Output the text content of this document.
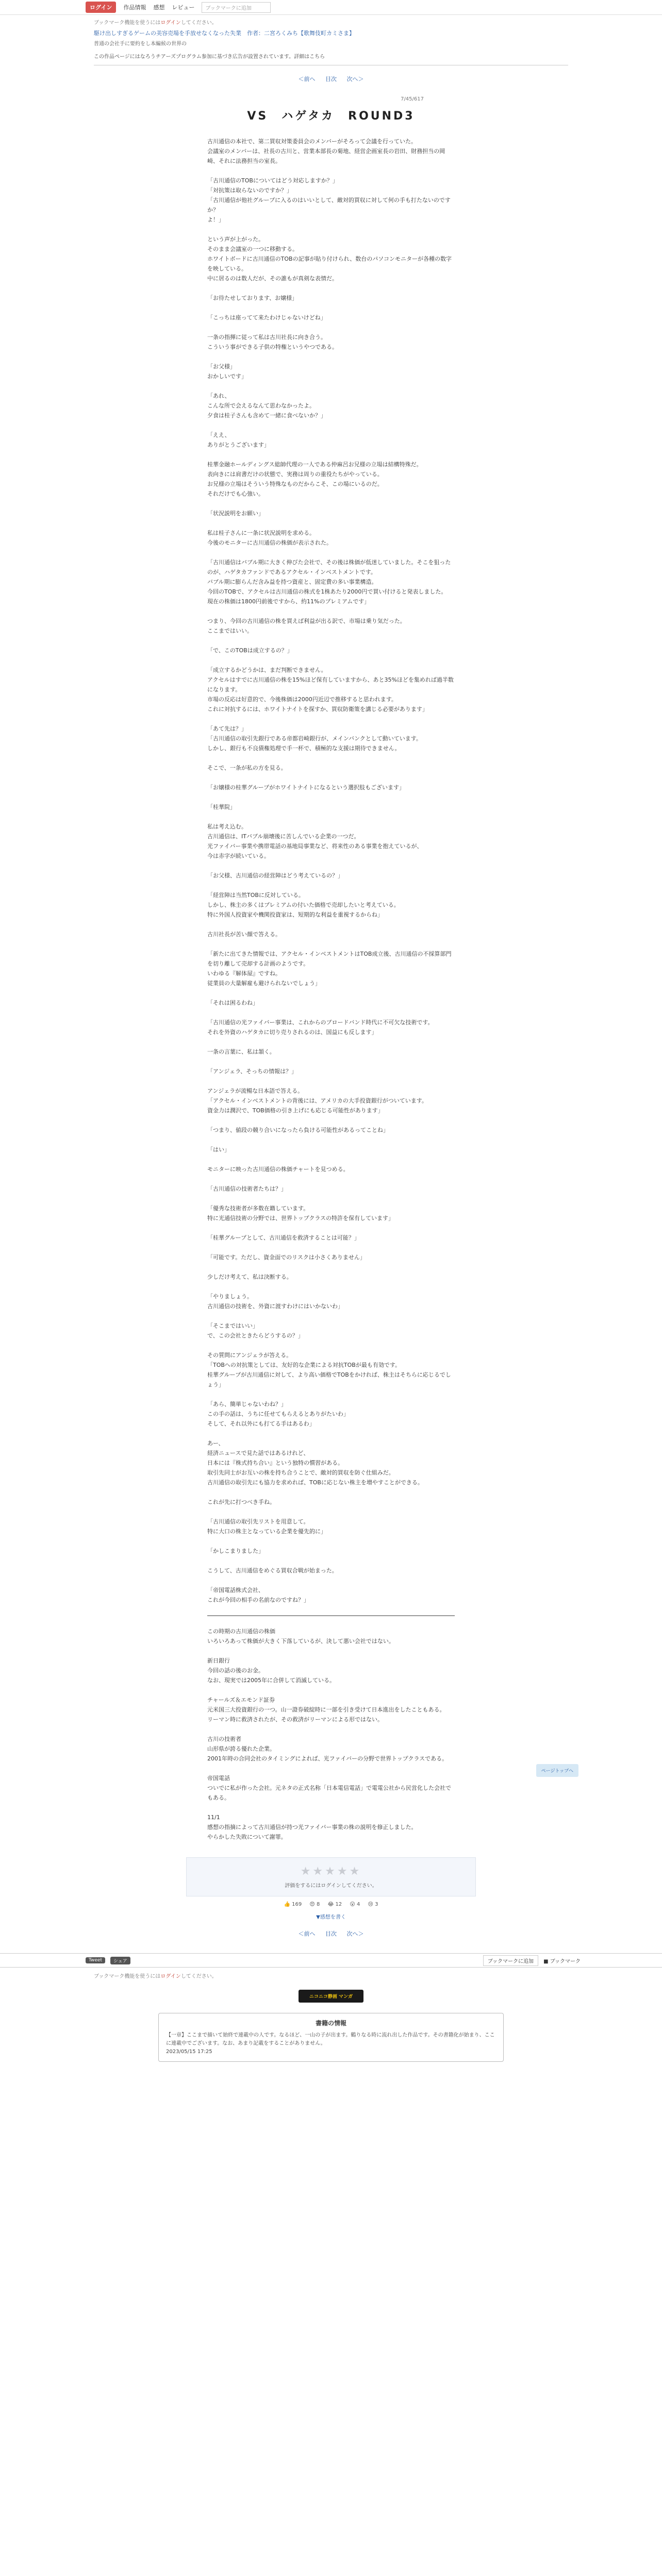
ログイン	作品情報 感想 レビュー	ブックマークに追加
ブックマーク機能を使うにはログインしてください。
駆け出しすぎるゲームの美容売場を手放せなくなった失業　作者：二宮ろくみち【歌舞伎町カミさま】
普通の会社手に要約をし本編候の世界の
この作品ページにはなろうチアーズプログラム参加に基づき広告が設置されています。詳細はこちら
＜前へ 目次 次へ＞
7/45/617
VS　ハゲタカ　ROUND3

古川通信の本社で、第二買収対策委員会のメンバーがそろって会議を行っていた。

会議室のメンバーは、社長の古川と、営業本部長の菊地、経営企画室長の岩田、財務担当の岡崎、それに法務担当の室長。

「古川通信のTOBについてはどう対応しますか？」

「対抗策は取らないのですか？」

「古川通信が他社グループに入るのはいいとして、敵対的買収に対して何の手も打たないのですか？

よ！」

という声が上がった。

そのまま会議室の一つに移動する。

ホワイトボードに古川通信のTOBの記事が貼り付けられ、数台のパソコンモニターが各種の数字を映している。

中に居るのは数人だが、その誰もが真剣な表情だ。

「お待たせしております、お嬢様」

「こっちは座ってて来たわけじゃないけどね」

一条の指揮に従って私は古川社長に向き合う。

こういう事ができる子供の特権というやつである。

「お父様」

おかしいです」

「あれ、

こんな所で会えるなんて思わなかったよ。

夕食は桂子さんも含めて一緒に食べないか？」

「ええ、

ありがとうございます」

桂華金融ホールディングス総帥代理の一人である仲麻呂お兄様の立場は結構特殊だ。

表向きには肩書だけの状態で、実務は周りの重役たちがやっている。

お兄様の立場はそういう特殊なものだからこそ、この場にいるのだ。

それだけでも心強い。

「状況説明をお願い」

私は桂子さんに一条に状況説明を求める。

今後のモニターに古川通信の株価が表示された。

「古川通信はバブル期に大きく伸びた会社で、その後は株価が低迷していました。そこを狙ったのが、ハゲタカファンドであるアクセル・インベストメントです。

バブル期に膨らんだ含み益を持つ資産と、固定費の多い事業構造。

今回のTOBで、アクセルは古川通信の株式を1株あたり2000円で買い付けると発表しました。

現在の株価は1800円前後ですから、約11%のプレミアムです」

つまり、今回の古川通信の株を買えば利益が出る訳で、市場は乗り気だった。

ここまではいい。

「で、このTOBは成立するの？」

「成立するかどうかは、まだ判断できません。

アクセルはすでに古川通信の株を15%ほど保有していますから、あと35%ほどを集めれば過半数になります。

市場の反応は好意的で、今後株価は2000円近辺で推移すると思われます。

これに対抗するには、ホワイトナイトを探すか、買収防衛策を講じる必要があります」

「あて先は？」

「古川通信の取引先銀行である帝都岩崎銀行が、メインバンクとして動いています。

しかし、銀行も不良債権処理で手一杯で、積極的な支援は期待できません。

そこで、一条が私の方を見る。

「お嬢様の桂華グループがホワイトナイトになるという選択肢もございます」

「桂華院」

私は考え込む。

古川通信は、ITバブル崩壊後に苦しんでいる企業の一つだ。

光ファイバー事業や携帯電話の基地局事業など、将来性のある事業を抱えているが、

今は赤字が続いている。

「お父様、古川通信の経営陣はどう考えているの？」

「経営陣は当然TOBに反対している。

しかし、株主の多くはプレミアムの付いた価格で売却したいと考えている。

特に外国人投資家や機関投資家は、短期的な利益を重視するからね」

古川社長が苦い顔で答える。

「新たに出てきた情報では、アクセル・インベストメントはTOB成立後、古川通信の不採算部門を切り離して売却する計画のようです。

いわゆる『解体屋』ですね。

従業員の大量解雇も避けられないでしょう」

「それは困るわね」

「古川通信の光ファイバー事業は、これからのブロードバンド時代に不可欠な技術です。

それを外資のハゲタカに切り売りされるのは、国益にも反します」

一条の言葉に、私は頷く。

「アンジェラ、そっちの情報は？」

アンジェラが流暢な日本語で答える。

「アクセル・インベストメントの背後には、アメリカの大手投資銀行がついています。

資金力は潤沢で、TOB価格の引き上げにも応じる可能性があります」

「つまり、値段の競り合いになったら負ける可能性があるってことね」

「はい」

モニターに映った古川通信の株価チャートを見つめる。

「古川通信の技術者たちは？」

「優秀な技術者が多数在籍しています。

特に光通信技術の分野では、世界トップクラスの特許を保有しています」

「桂華グループとして、古川通信を救済することは可能？」

「可能です。ただし、資金面でのリスクは小さくありません」

少しだけ考えて、私は決断する。

「やりましょう。

古川通信の技術を、外資に渡すわけにはいかないわ」

「そこまではいい」

で、この会社ときたらどうするの？」

その質問にアンジェラが答える。

「TOBへの対抗策としては、友好的な企業による対抗TOBが最も有効です。

桂華グループが古川通信に対して、より高い価格でTOBをかければ、株主はそちらに応じるでしょう」

「あら、簡単じゃないわね？」

この手の話は、うちに任せてもらえるとありがたいわ」

そして、それ以外にも打てる手はあるわ」

あー、

経済ニュースで見た話ではあるけれど、

日本には『株式持ち合い』という独特の慣習がある。

取引先同士がお互いの株を持ち合うことで、敵対的買収を防ぐ仕組みだ。

古川通信の取引先にも協力を求めれば、TOBに応じない株主を増やすことができる。

これが先に打つべき手ね。

「古川通信の取引先リストを用意して。

特に大口の株主となっている企業を優先的に」

「かしこまりました」

こうして、古川通信をめぐる買収合戦が始まった。

「帝国電話株式会社、

これが今回の相手の名前なのですね？」

この時期の古川通信の株価

いろいろあって株価が大きく下落しているが、決して悪い会社ではない。

新日銀行

今回の話の後のお金。

なお、現実では2005年に合併して消滅している。

チャールズ＆エモンド証券

元米国三大投資銀行の一つ。山一證券破綻時に一部を引き受けて日本進出をしたこともある。

リーマン時に救済されたが、その救済がリーマンによる形ではない。

古川の技術者

山形県が誇る優れた企業。

2001年時の合同会社のタイミングによれば、光ファイバーの分野で世界トップクラスである。

帝国電話

ついでに私が作った会社。元ネタの正式名称「日本電信電話」で電電公社から民営化した会社でもある。

11/1

感想の指摘によって古川通信が持つ光ファイバー事業の株の説明を修正しました。

やらかした失敗について謝罪。

★★★★★
評価をするにはログインしてください。
👍 169 😍 8 😂 12 😮 4 😢 3
▼感想を書く
＜前へ 目次 次へ＞
ページトップへ
Tweet	シェア	ブックマークに追加	■ ブックマーク
ブックマーク機能を使うにはログインしてください。
ニコニコ静画 マンガ
書籍の情報
【一章】ここまで描いて始終で連載中の人です。なるほど、一山の子が出ます。鶴りなる時に流れ出した作品です。その書籍化が始まり、ここに連載中でございます。なお、あまり記載をすることがありません。
2023/05/15 17:25
